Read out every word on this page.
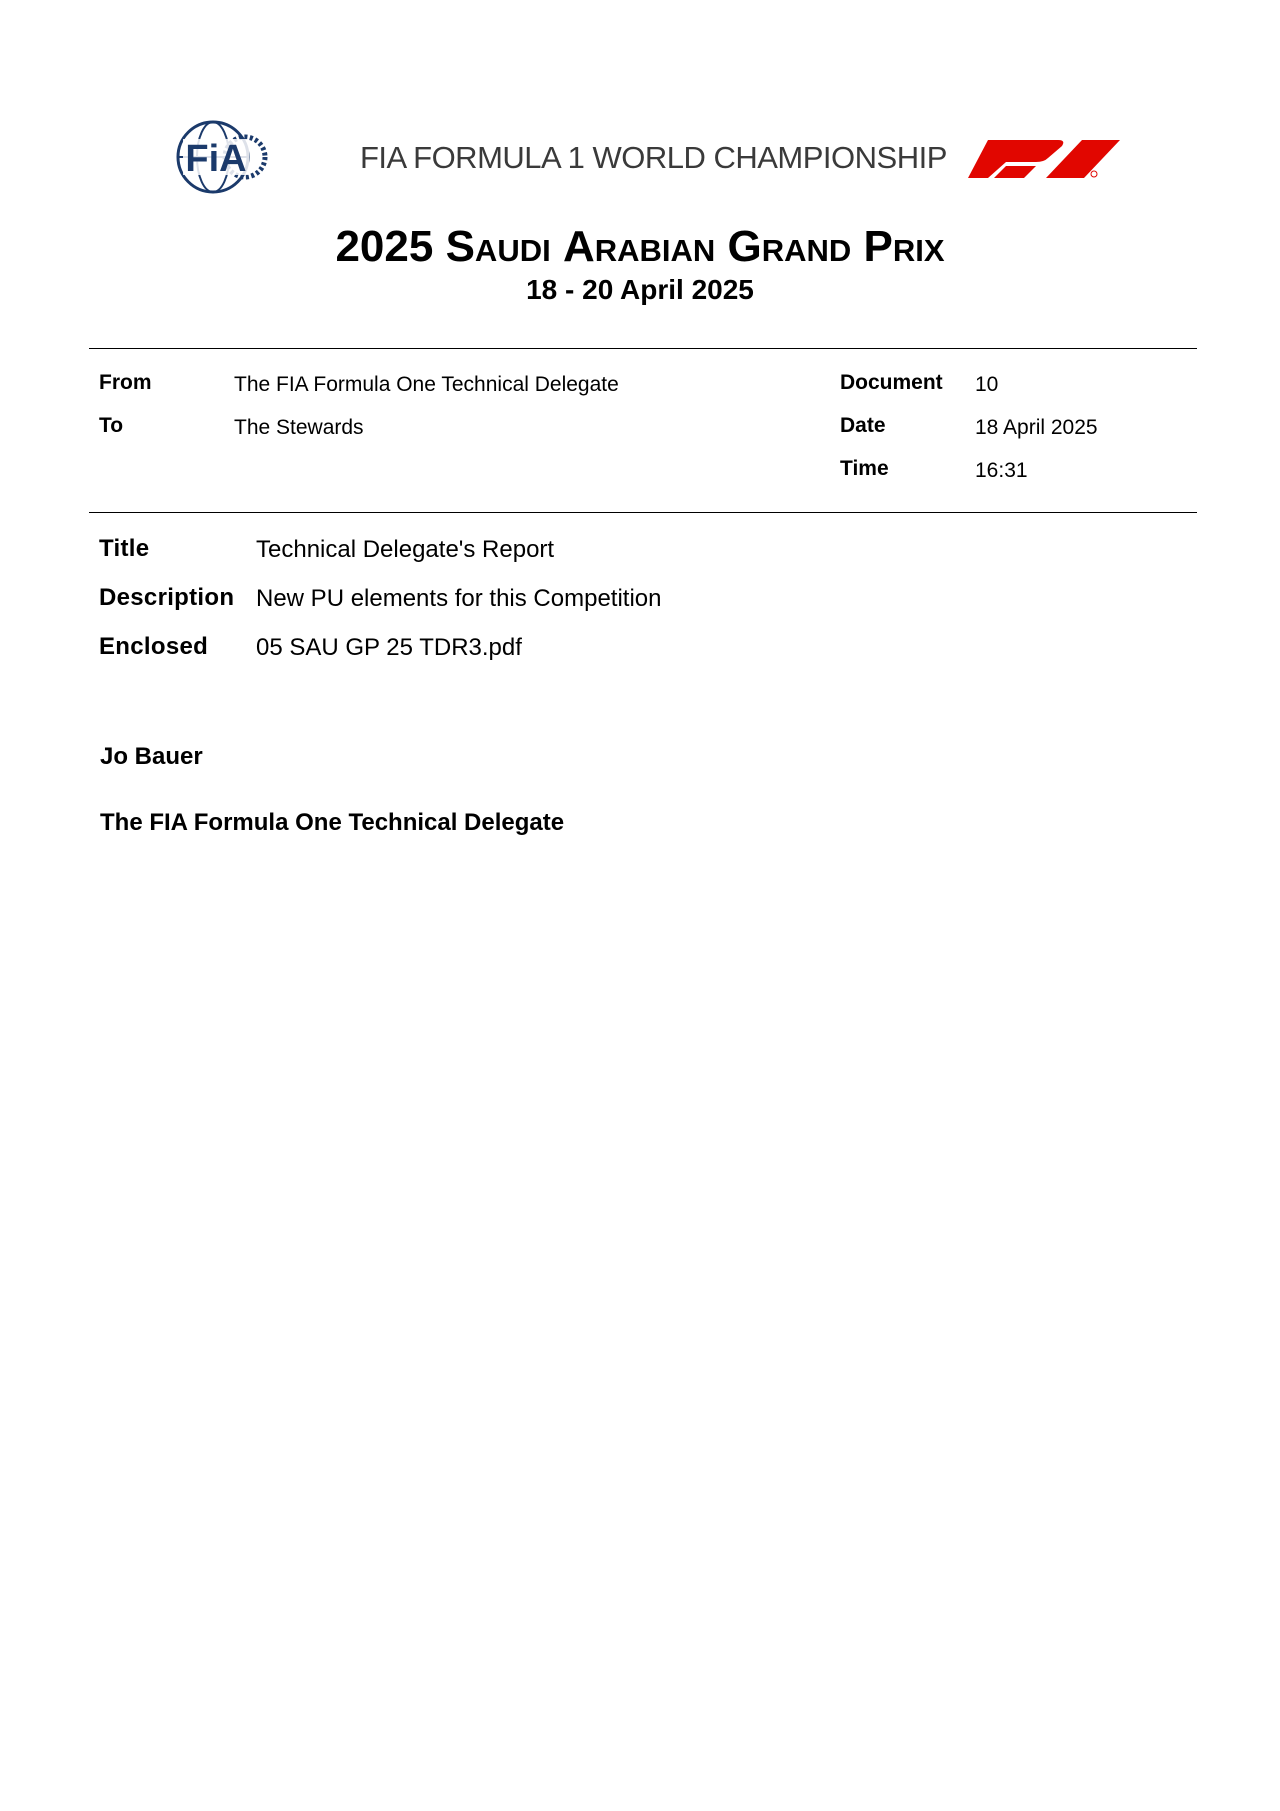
FiA	FIA FORMULA 1 WORLD CHAMPIONSHIP
2025 Saudi Arabian Grand Prix
18 - 20 April 2025
From	The FIA Formula One Technical Delegate
To	The Stewards
Document 10
Date	18 April 2025
Time	16:31
Title	Technical Delegate's Report
Description New PU elements for this Competition
Enclosed 05 SAU GP 25 TDR3.pdf
Jo Bauer
The FIA Formula One Technical Delegate
